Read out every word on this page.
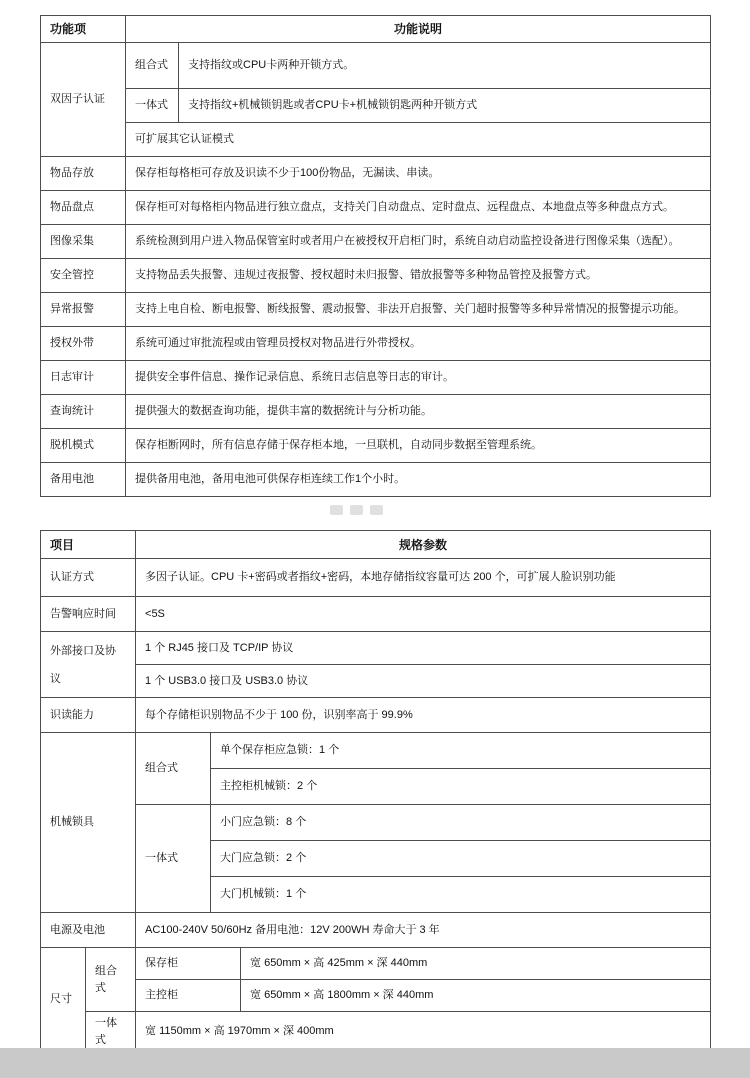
功能项	功能说明	
双因子认证	组合式	支持指纹或CPU卡两种开锁方式。
	一体式	支持指纹+机械锁钥匙或者CPU卡+机械锁钥匙两种开锁方式
	可扩展其它认证模式	
物品存放	保存柜每格柜可存放及识读不少于100份物品，无漏读、串读。	
物品盘点	保存柜可对每格柜内物品进行独立盘点，支持关门自动盘点、定时盘点、远程盘点、本地盘点等多种盘点方式。	
图像采集	系统检测到用户进入物品保管室时或者用户在被授权开启柜门时，系统自动启动监控设备进行图像采集（选配）。	
安全管控	支持物品丢失报警、违规过夜报警、授权超时未归报警、错放报警等多种物品管控及报警方式。	
异常报警	支持上电自检、断电报警、断线报警、震动报警、非法开启报警、关门超时报警等多种异常情况的报警提示功能。	
授权外带	系统可通过审批流程或由管理员授权对物品进行外带授权。	
日志审计	提供安全事件信息、操作记录信息、系统日志信息等日志的审计。	
查询统计	提供强大的数据查询功能，提供丰富的数据统计与分析功能。	
脱机模式	保存柜断网时，所有信息存储于保存柜本地，一旦联机，自动同步数据至管理系统。	
备用电池	提供备用电池，备用电池可供保存柜连续工作1个小时。	
项目		规格参数		
认证方式		多因子认证。CPU 卡+密码或者指纹+密码，本地存储指纹容量可达 200 个，可扩展人脸识别功能		
告警响应时间		<5S		
外部接口及协议		1 个 RJ45 接口及 TCP/IP 协议		
		1 个 USB3.0 接口及 USB3.0 协议		
识读能力		每个存储柜识别物品不少于 100 份，识别率高于 99.9%		
机械锁具		组合式	单个保存柜应急锁：1 个	
			主控柜机械锁：2 个	
		一体式	小门应急锁：8 个	
			大门应急锁：2 个	
			大门机械锁：1 个	
电源及电池		AC100-240V 50/60Hz 备用电池：12V 200WH 寿命大于 3 年		
尺寸	组合式	保存柜		宽 650mm × 高 425mm × 深 440mm
		主控柜		宽 650mm × 高 1800mm × 深 440mm
	一体式	宽 1150mm × 高 1970mm × 深 400mm		
